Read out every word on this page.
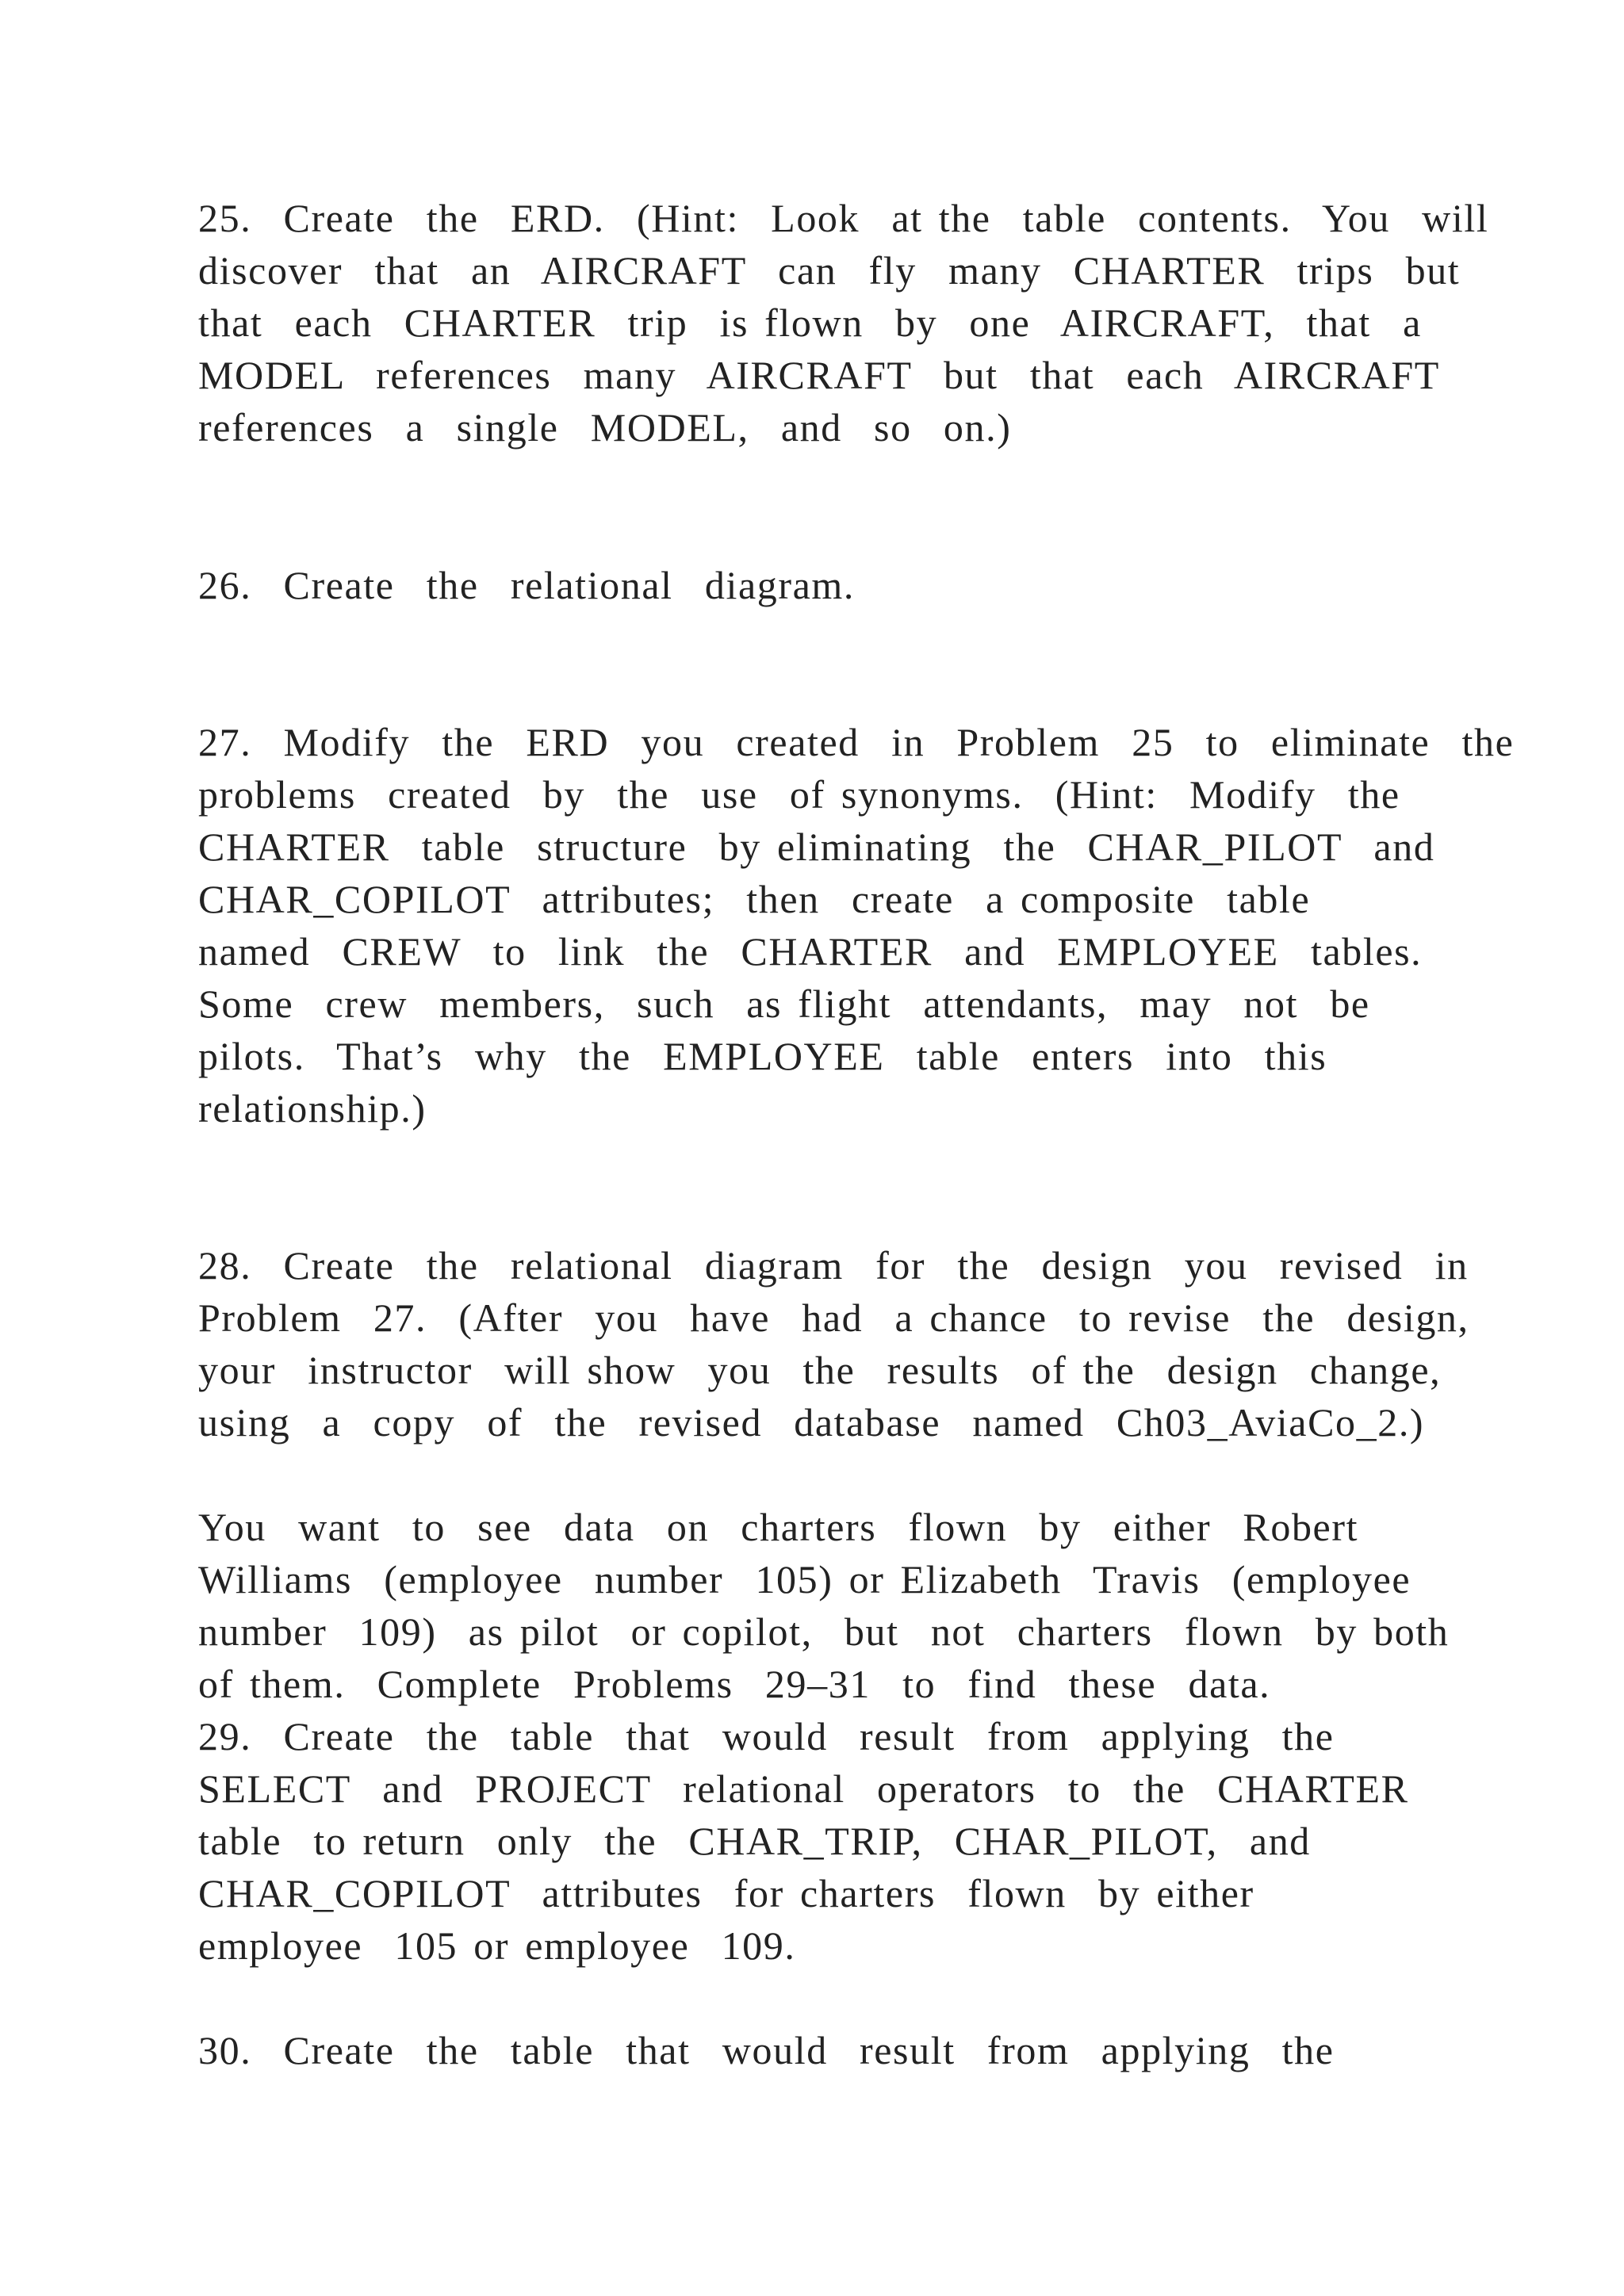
25.  Create  the  ERD.  (Hint:  Look  at the  table  contents.  You  will

discover  that  an  AIRCRAFT  can  fly  many  CHARTER  trips  but

that  each  CHARTER  trip  is flown  by  one  AIRCRAFT,  that  a

MODEL  references  many  AIRCRAFT  but  that  each  AIRCRAFT

references  a  single  MODEL,  and  so  on.)

26.  Create  the  relational  diagram.

27.  Modify  the  ERD  you  created  in  Problem  25  to  eliminate  the

problems  created  by  the  use  of synonyms.  (Hint:  Modify  the

CHARTER  table  structure  by eliminating  the  CHAR_PILOT  and

CHAR_COPILOT  attributes;  then  create  a composite  table

named  CREW  to  link  the  CHARTER  and  EMPLOYEE  tables.

Some  crew  members,  such  as flight  attendants,  may  not  be

pilots.  That’s  why  the  EMPLOYEE  table  enters  into  this

relationship.)

28.  Create  the  relational  diagram  for  the  design  you  revised  in

Problem  27.  (After  you  have  had  a chance  to revise  the  design,

your  instructor  will show  you  the  results  of the  design  change,

using  a  copy  of  the  revised  database  named  Ch03_AviaCo_2.)

You  want  to  see  data  on  charters  flown  by  either  Robert

Williams  (employee  number  105) or Elizabeth  Travis  (employee

number  109)  as pilot  or copilot,  but  not  charters  flown  by both

of them.  Complete  Problems  29–31  to  find  these  data.

29.  Create  the  table  that  would  result  from  applying  the

SELECT  and  PROJECT  relational  operators  to  the  CHARTER

table  to return  only  the  CHAR_TRIP,  CHAR_PILOT,  and

CHAR_COPILOT  attributes  for charters  flown  by either

employee  105 or employee  109.

30.  Create  the  table  that  would  result  from  applying  the
